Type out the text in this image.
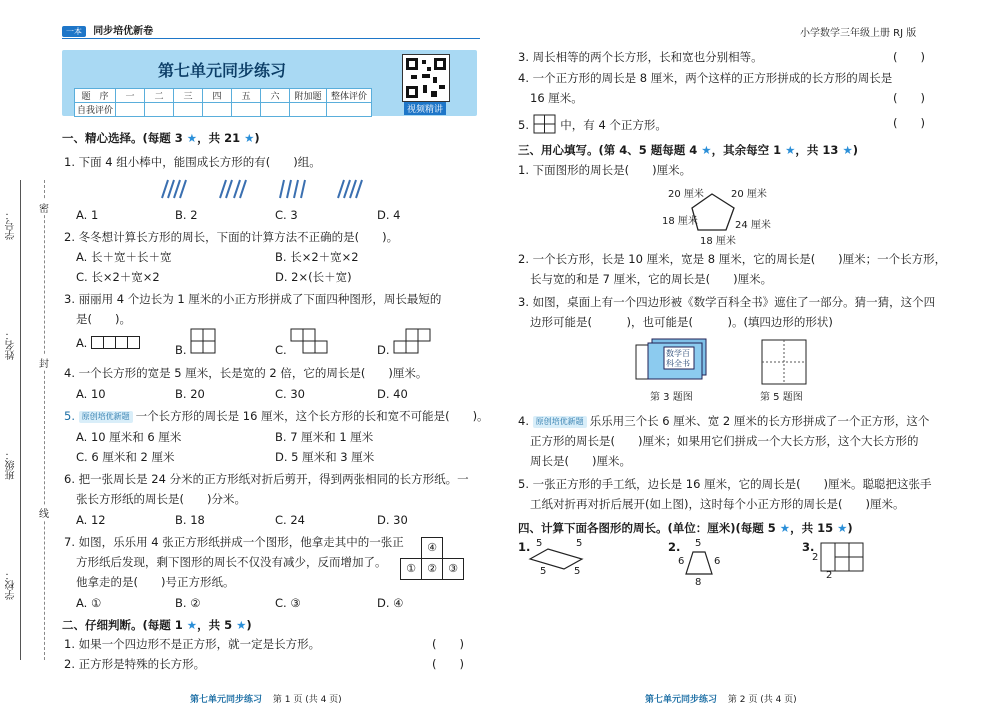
一本 同步培优新卷
学号：
姓名：
班级：
学校：
密
封
线
第七单元同步练习
视频精讲
题　序	一	二	三	四	五	六	附加题	整体评价
自我评价								
一、精心选择。(每题 3 ★，共 21 ★)
1. 下面 4 组小棒中，能围成长方形的有(　　)组。
A. 1	B. 2	C. 3	D. 4
2. 冬冬想计算长方形的周长，下面的计算方法不正确的是(　　)。
A. 长＋宽＋长＋宽	B. 长×2＋宽×2
C. 长×2＋宽×2	D. 2×(长＋宽)
3. 丽丽用 4 个边长为 1 厘米的小正方形拼成了下面四种图形，周长最短的
是(　　)。
A.	B.	C.	D.
4. 一个长方形的宽是 5 厘米，长是宽的 2 倍，它的周长是(　　)厘米。
A. 10	B. 20	C. 30	D. 40
5. 原创培优新题 一个长方形的周长是 16 厘米，这个长方形的长和宽不可能是(　　)。
A. 10 厘米和 6 厘米	B. 7 厘米和 1 厘米
C. 6 厘米和 2 厘米	D. 5 厘米和 3 厘米
6. 把一张周长是 24 分米的正方形纸对折后剪开，得到两张相同的长方形纸。一
张长方形纸的周长是(　　)分米。
A. 12	B. 18	C. 24	D. 30
7. 如图，乐乐用 4 张正方形纸拼成一个图形，他拿走其中的一张正
方形纸后发现，剩下图形的周长不仅没有减少，反而增加了。
他拿走的是(　　)号正方形纸。
④
①	②	③
A. ①	B. ②	C. ③	D. ④
二、仔细判断。(每题 1 ★，共 5 ★)
1. 如果一个四边形不是正方形，就一定是长方形。	(　　)
2. 正方形是特殊的长方形。	(　　)
第七单元同步练习 第 1 页 (共 4 页)
小学数学三年级上册 RJ 版
3. 周长相等的两个长方形，长和宽也分别相等。	(　　)
4. 一个正方形的周长是 8 厘米，两个这样的正方形拼成的长方形的周长是
16 厘米。	(　　)
5.	中，有 4 个正方形。	(　　)
三、用心填写。(第 4、5 题每题 4 ★，其余每空 1 ★，共 13 ★)
1. 下面图形的周长是(　　)厘米。
20 厘米	20 厘米
18 厘米	24 厘米
18 厘米
2. 一个长方形，长是 10 厘米，宽是 8 厘米，它的周长是(　　)厘米；一个长方形，
长与宽的和是 7 厘米，它的周长是(　　)厘米。
3. 如图，桌面上有一个四边形被《数学百科全书》遮住了一部分。猜一猜，这个四
边形可能是(　　　)，也可能是(　　　)。(填四边形的形状)
数学百
科全书
第 3 题图	第 5 题图
4. 原创培优新题 乐乐用三个长 6 厘米、宽 2 厘米的长方形拼成了一个正方形，这个
正方形的周长是(　　)厘米；如果用它们拼成一个大长方形，这个大长方形的
周长是(　　)厘米。
5. 一张正方形的手工纸，边长是 16 厘米，它的周长是(　　)厘米。聪聪把这张手
工纸对折再对折后展开(如上图)，这时每个小正方形的周长是(　　)厘米。
四、计算下面各图形的周长。(单位：厘米)(每题 5 ★，共 15 ★)
1. 5	5
5	5
2. 5
6	6
8
3.
2
2
第七单元同步练习 第 2 页 (共 4 页)
